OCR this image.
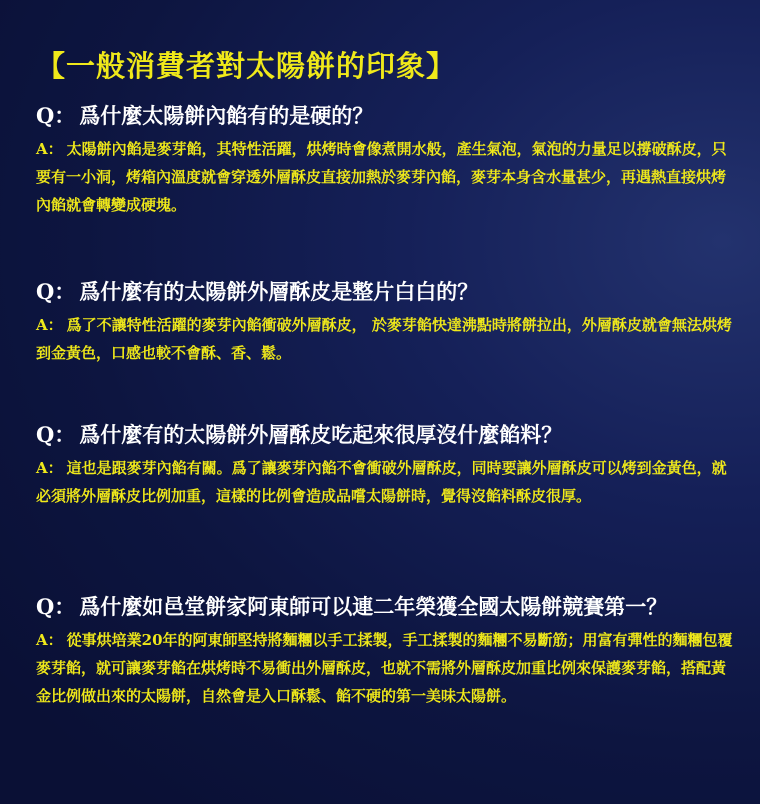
【一般消費者對太陽餅的印象】

Q： 爲什麼太陽餅內餡有的是硬的？

A： 太陽餅內餡是麥芽餡，其特性活躍，烘烤時會像煮開水般，產生氣泡，氣泡的力量足以撐破酥皮，只要有一小洞，烤箱內溫度就會穿透外層酥皮直接加熱於麥芽內餡，麥芽本身含水量甚少，再遇熱直接烘烤內餡就會轉變成硬塊。

Q： 爲什麼有的太陽餅外層酥皮是整片白白的？

A： 爲了不讓特性活躍的麥芽內餡衝破外層酥皮， 於麥芽餡快達沸點時將餅拉出，外層酥皮就會無法烘烤到金黃色，口感也較不會酥、香、鬆。

Q： 爲什麼有的太陽餅外層酥皮吃起來很厚沒什麼餡料？

A： 這也是跟麥芽內餡有關。爲了讓麥芽內餡不會衝破外層酥皮，同時要讓外層酥皮可以烤到金黃色，就必須將外層酥皮比例加重，這樣的比例會造成品嚐太陽餅時，覺得沒餡料酥皮很厚。

Q： 爲什麼如邑堂餅家阿東師可以連二年榮獲全國太陽餅競賽第一？

A： 從事烘培業20年的阿東師堅持將麵糰以手工揉製，手工揉製的麵糰不易斷筋；用富有彈性的麵糰包覆麥芽餡，就可讓麥芽餡在烘烤時不易衝出外層酥皮，也就不需將外層酥皮加重比例來保護麥芽餡，搭配黃金比例做出來的太陽餅，自然會是入口酥鬆、餡不硬的第一美味太陽餅。
